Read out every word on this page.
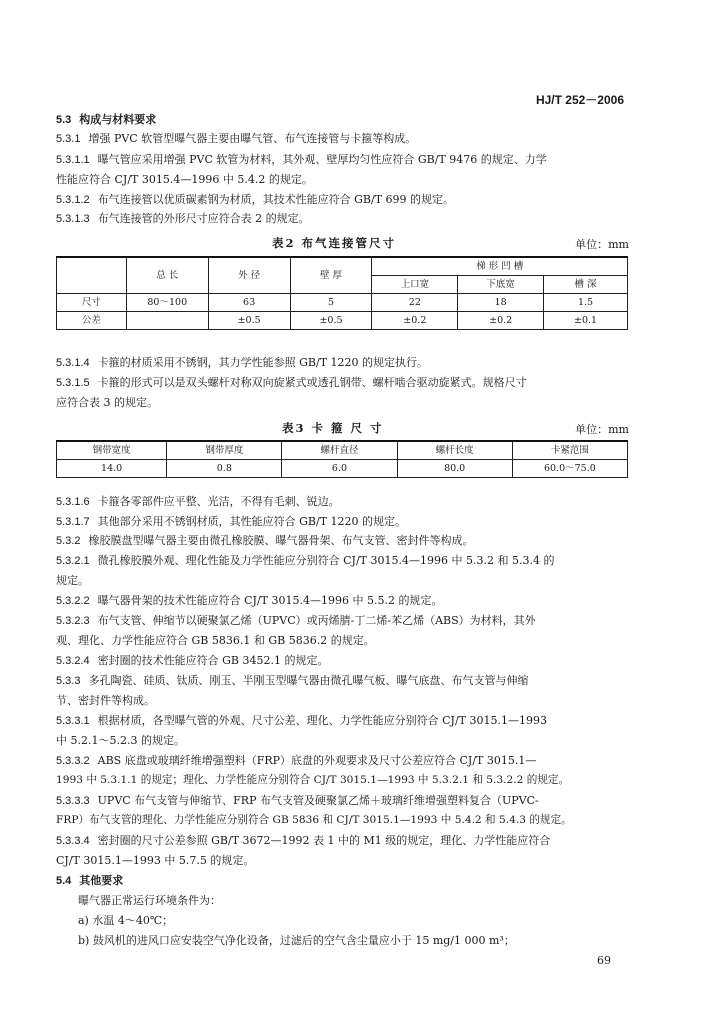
HJ/T 252－2006
5.3 构成与材料要求
5.3.1 增强 PVC 软管型曝气器主要由曝气管、布气连接管与卡箍等构成。
5.3.1.1 曝气管应采用增强 PVC 软管为材料，其外观、壁厚均匀性应符合 GB/T 9476 的规定、力学
性能应符合 CJ/T 3015.4—1996 中 5.4.2 的规定。
5.3.1.2 布气连接管以优质碳素钢为材质，其技术性能应符合 GB/T 699 的规定。
5.3.1.3 布气连接管的外形尺寸应符合表 2 的规定。
表2 布气连接管尺寸	单位：mm
	总 长	外 径	壁 厚	梯 形 凹 槽		
				上口宽	下底宽	槽 深
尺寸	80～100	63	5	22	18	1.5
公差		±0.5	±0.5	±0.2	±0.2	±0.1
5.3.1.4 卡箍的材质采用不锈钢，其力学性能参照 GB/T 1220 的规定执行。
5.3.1.5 卡箍的形式可以是双头螺杆对称双向旋紧式或透孔钢带、螺杆啮合驱动旋紧式。规格尺寸
应符合表 3 的规定。
表3 卡 箍 尺 寸	单位：mm
钢带宽度	钢带厚度	螺杆直径	螺杆长度	卡紧范围
14.0	0.8	6.0	80.0	60.0～75.0
5.3.1.6 卡箍各零部件应平整、光洁，不得有毛刺、锐边。
5.3.1.7 其他部分采用不锈钢材质，其性能应符合 GB/T 1220 的规定。
5.3.2 橡胶膜盘型曝气器主要由微孔橡胶膜、曝气器骨架、布气支管、密封件等构成。
5.3.2.1 微孔橡胶膜外观、理化性能及力学性能应分别符合 CJ/T 3015.4—1996 中 5.3.2 和 5.3.4 的
规定。
5.3.2.2 曝气器骨架的技术性能应符合 CJ/T 3015.4—1996 中 5.5.2 的规定。
5.3.2.3 布气支管、伸缩节以硬聚氯乙烯（UPVC）或丙烯腈-丁二烯-苯乙烯（ABS）为材料，其外
观、理化、力学性能应符合 GB 5836.1 和 GB 5836.2 的规定。
5.3.2.4 密封圈的技术性能应符合 GB 3452.1 的规定。
5.3.3 多孔陶瓷、硅质、钛质、刚玉、半刚玉型曝气器由微孔曝气板、曝气底盘、布气支管与伸缩
节、密封件等构成。
5.3.3.1 根据材质，各型曝气管的外观、尺寸公差、理化、力学性能应分别符合 CJ/T 3015.1—1993
中 5.2.1～5.2.3 的规定。
5.3.3.2 ABS 底盘或玻璃纤维增强塑料（FRP）底盘的外观要求及尺寸公差应符合 CJ/T 3015.1—
1993 中 5.3.1.1 的规定；理化、力学性能应分别符合 CJ/T 3015.1—1993 中 5.3.2.1 和 5.3.2.2 的规定。
5.3.3.3 UPVC 布气支管与伸缩节、FRP 布气支管及硬聚氯乙烯＋玻璃纤维增强塑料复合（UPVC-
FRP）布气支管的理化、力学性能应分别符合 GB 5836 和 CJ/T 3015.1—1993 中 5.4.2 和 5.4.3 的规定。
5.3.3.4 密封圈的尺寸公差参照 GB/T 3672—1992 表 1 中的 M1 级的规定，理化、力学性能应符合
CJ/T 3015.1—1993 中 5.7.5 的规定。
5.4 其他要求
曝气器正常运行环境条件为：
a) 水温 4～40℃；
b) 鼓风机的进风口应安装空气净化设备，过滤后的空气含尘量应小于 15 mg/1 000 m³；
69
